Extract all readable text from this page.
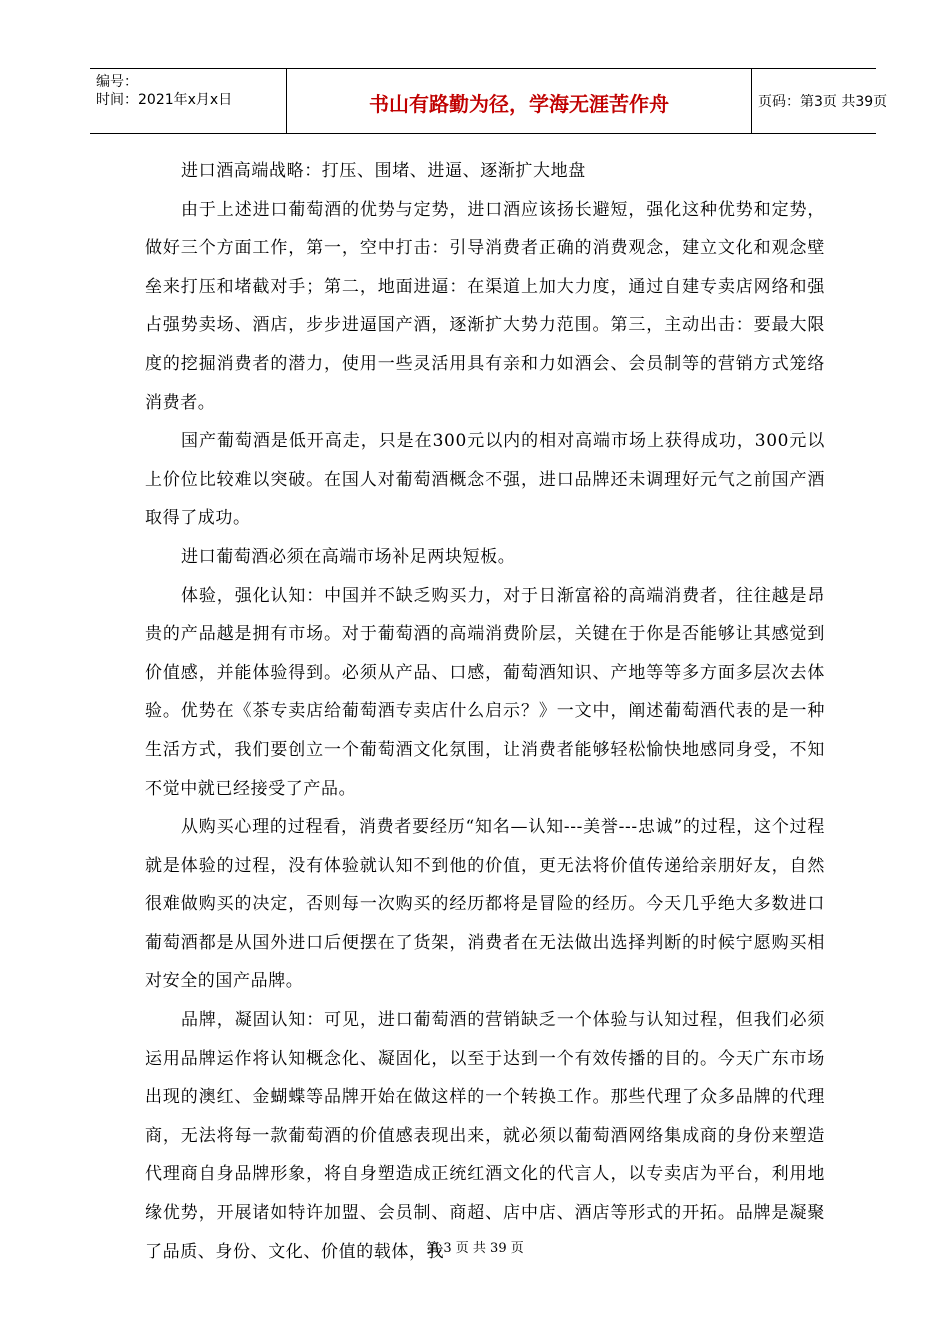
编号：
时间：2021年x月x日	书山有路勤为径，学海无涯苦作舟	页码：第3页 共39页

进口酒高端战略：打压、围堵、进逼、逐渐扩大地盘

由于上述进口葡萄酒的优势与定势，进口酒应该扬长避短，强化这种优势和定势，做好三个方面工作，第一，空中打击：引导消费者正确的消费观念，建立文化和观念壁垒来打压和堵截对手；第二，地面进逼：在渠道上加大力度，通过自建专卖店网络和强占强势卖场、酒店，步步进逼国产酒，逐渐扩大势力范围。第三，主动出击：要最大限度的挖掘消费者的潜力，使用一些灵活用具有亲和力如酒会、会员制等的营销方式笼络消费者。

国产葡萄酒是低开高走，只是在300元以内的相对高端市场上获得成功，300元以上价位比较难以突破。在国人对葡萄酒概念不强，进口品牌还未调理好元气之前国产酒取得了成功。

进口葡萄酒必须在高端市场补足两块短板。

体验，强化认知：中国并不缺乏购买力，对于日渐富裕的高端消费者，往往越是昂贵的产品越是拥有市场。对于葡萄酒的高端消费阶层，关键在于你是否能够让其感觉到价值感，并能体验得到。必须从产品、口感，葡萄酒知识、产地等等多方面多层次去体验。优势在《茶专卖店给葡萄酒专卖店什么启示？》一文中，阐述葡萄酒代表的是一种生活方式，我们要创立一个葡萄酒文化氛围，让消费者能够轻松愉快地感同身受，不知不觉中就已经接受了产品。

从购买心理的过程看，消费者要经历“知名—认知---美誉---忠诚”的过程，这个过程就是体验的过程，没有体验就认知不到他的价值，更无法将价值传递给亲朋好友，自然很难做购买的决定，否则每一次购买的经历都将是冒险的经历。今天几乎绝大多数进口葡萄酒都是从国外进口后便摆在了货架，消费者在无法做出选择判断的时候宁愿购买相对安全的国产品牌。

品牌，凝固认知：可见，进口葡萄酒的营销缺乏一个体验与认知过程，但我们必须运用品牌运作将认知概念化、凝固化，以至于达到一个有效传播的目的。今天广东市场出现的澳红、金蝴蝶等品牌开始在做这样的一个转换工作。那些代理了众多品牌的代理商，无法将每一款葡萄酒的价值感表现出来，就必须以葡萄酒网络集成商的身份来塑造代理商自身品牌形象，将自身塑造成正统红酒文化的代言人，以专卖店为平台，利用地缘优势，开展诸如特许加盟、会员制、商超、店中店、酒店等形式的开拓。品牌是凝聚了品质、身份、文化、价值的载体，我

第 3 页 共 39 页
